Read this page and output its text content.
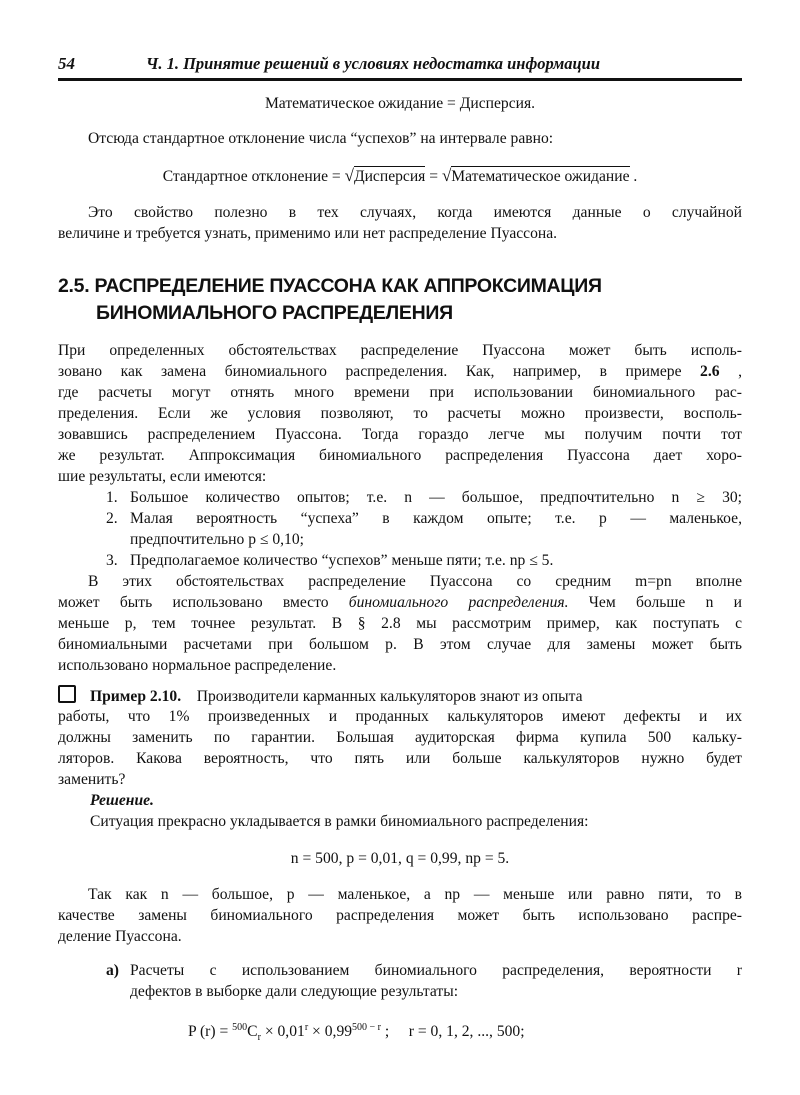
54	Ч. 1. Принятие решений в условиях недостатка информации
Математическое ожидание = Дисперсия.
Отсюда стандартное отклонение числа “успехов” на интервале равно:
Стандартное отклонение = √Дисперсия = √Математическое ожидание .
Это свойство полезно в тех случаях, когда имеются данные о случайной
величине и требуется узнать, применимо или нет распределение Пуассона.
2.5. РАСПРЕДЕЛЕНИЕ ПУАССОНА КАК АППРОКСИМАЦИЯ
БИНОМИАЛЬНОГО РАСПРЕДЕЛЕНИЯ
При определенных обстоятельствах распределение Пуассона может быть исполь-
зовано как замена биномиального распределения. Как, например, в примере 2.6 ,
где расчеты могут отнять много времени при использовании биномиального рас-
пределения. Если же условия позволяют, то расчеты можно произвести, восполь-
зовавшись распределением Пуассона. Тогда гораздо легче мы получим почти тот
же результат. Аппроксимация биномиального распределения Пуассона дает хоро-
шие результаты, если имеются:
1. Большое количество опытов; т.е. n — большое, предпочтительно n ≥ 30;
2. Малая вероятность “успеха” в каждом опыте; т.е. p — маленькое,
предпочтительно p ≤ 0,10;
3. Предполагаемое количество “успехов” меньше пяти; т.е. np ≤ 5.
В этих обстоятельствах распределение Пуассона со средним m=pn вполне
может быть использовано вместо биномиального распределения. Чем больше n и
меньше p, тем точнее результат. В § 2.8 мы рассмотрим пример, как поступать с
биномиальными расчетами при большом p. В этом случае для замены может быть
использовано нормальное распределение.
Пример 2.10. Производители карманных калькуляторов знают из опыта
работы, что 1% произведенных и проданных калькуляторов имеют дефекты и их
должны заменить по гарантии. Большая аудиторская фирма купила 500 кальку-
ляторов. Какова вероятность, что пять или больше калькуляторов нужно будет
заменить?
Решение.
Ситуация прекрасно укладывается в рамки биномиального распределения:
n = 500, p = 0,01, q = 0,99, np = 5.
Так как n — большое, p — маленькое, а np — меньше или равно пяти, то в
качестве замены биномиального распределения может быть использовано распре-
деление Пуассона.
а) Расчеты с использованием биномиального распределения, вероятности r
дефектов в выборке дали следующие результаты:
P $(r) = ^{500}C_r \times 0,01^r \times 0,99^{500 - r}$ ; r = 0, 1, 2, ..., 500;
